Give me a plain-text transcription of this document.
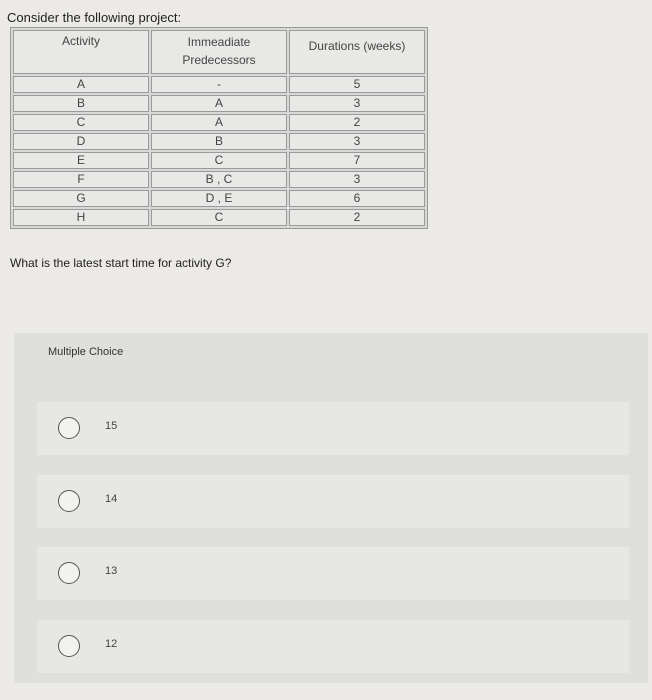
Consider the following project:
Activity	Immeadiate Predecessors	Durations (weeks)
A	-	5
B	A	3
C	A	2
D	B	3
E	C	7
F	B , C	3
G	D , E	6
H	C	2
What is the latest start time for activity G?
Multiple Choice
15
14
13
12
